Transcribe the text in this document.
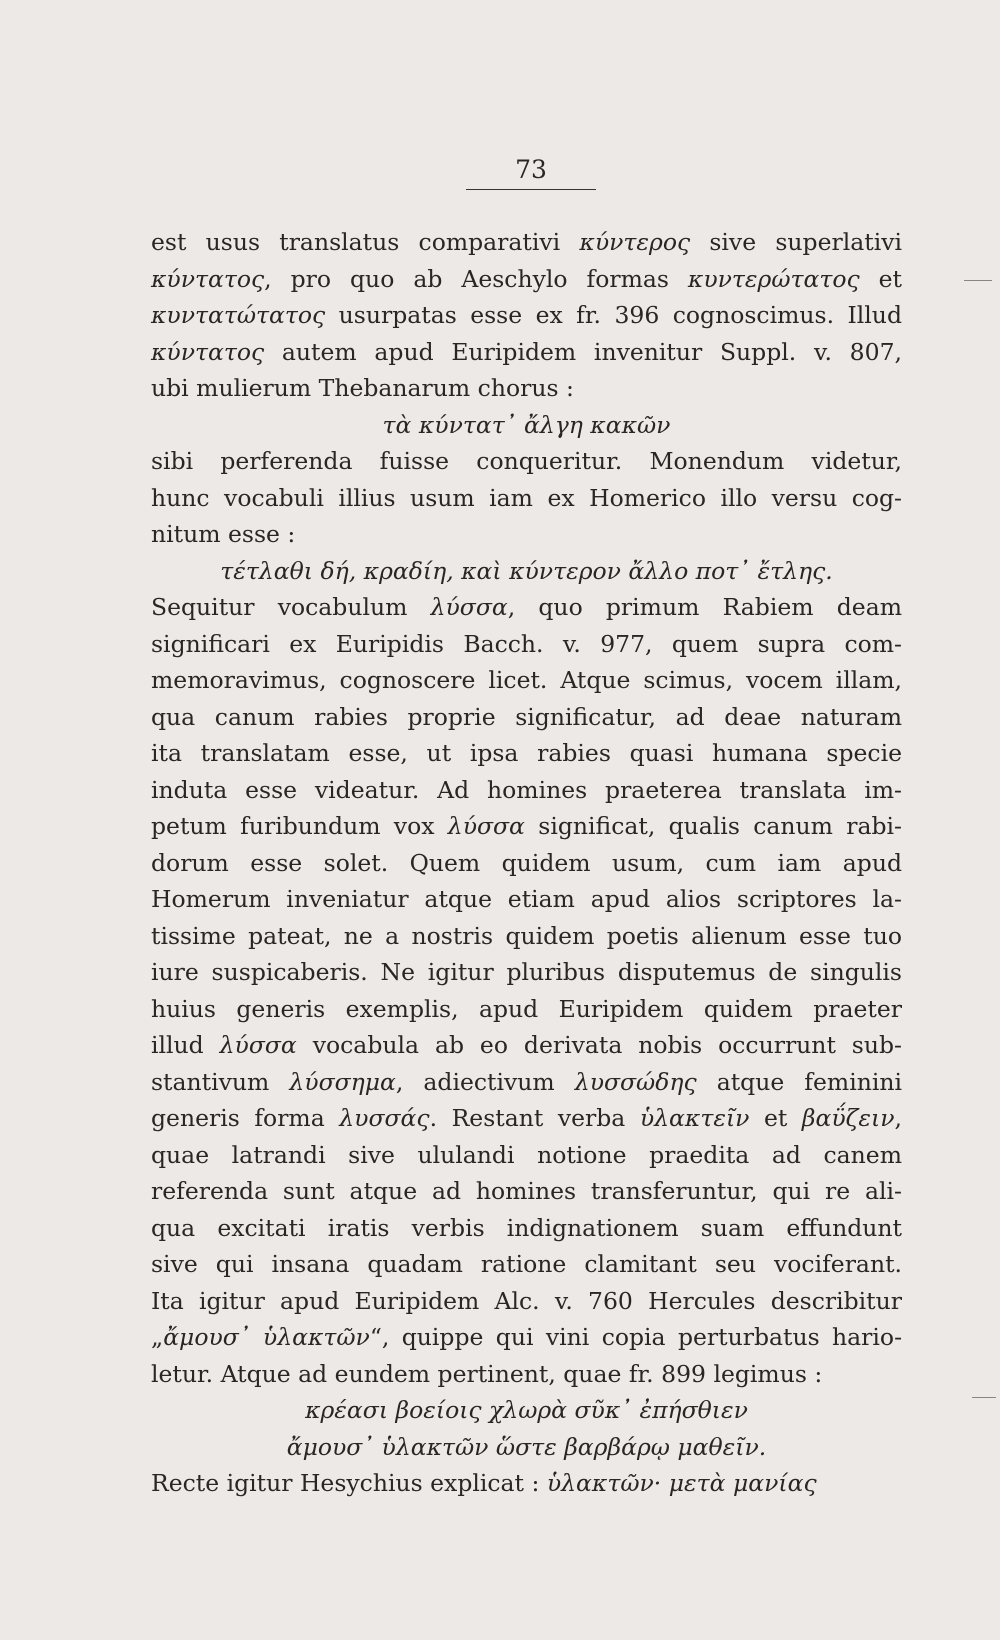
73
est usus translatus comparativi κύντερος sive superlativi
κύντατος, pro quo ab Aeschylo formas κυντερώτατος et
κυντατώτατος usurpatas esse ex fr. 396 cognoscimus. Illud
κύντατος autem apud Euripidem invenitur Suppl. v. 807,
ubi mulierum Thebanarum chorus :
τὰ κύντατ᾽ ἄλγη κακῶν
sibi perferenda fuisse conqueritur. Monendum videtur,
hunc vocabuli illius usum iam ex Homerico illo versu cog-
nitum esse :
τέτλαθι δή, κραδίη, καὶ κύντερον ἄλλο ποτ᾽ ἔτλης.
Sequitur vocabulum λύσσα, quo primum Rabiem deam
significari ex Euripidis Bacch. v. 977, quem supra com-
memoravimus, cognoscere licet. Atque scimus, vocem illam,
qua canum rabies proprie significatur, ad deae naturam
ita translatam esse, ut ipsa rabies quasi humana specie
induta esse videatur. Ad homines praeterea translata im-
petum furibundum vox λύσσα significat, qualis canum rabi-
dorum esse solet. Quem quidem usum, cum iam apud
Homerum inveniatur atque etiam apud alios scriptores la-
tissime pateat, ne a nostris quidem poetis alienum esse tuo
iure suspicaberis. Ne igitur pluribus disputemus de singulis
huius generis exemplis, apud Euripidem quidem praeter
illud λύσσα vocabula ab eo derivata nobis occurrunt sub-
stantivum λύσσημα, adiectivum λυσσώδης atque feminini
generis forma λυσσάς. Restant verba ὑλακτεῖν et βαΰζειν,
quae latrandi sive ululandi notione praedita ad canem
referenda sunt atque ad homines transferuntur, qui re ali-
qua excitati iratis verbis indignationem suam effundunt
sive qui insana quadam ratione clamitant seu vociferant.
Ita igitur apud Euripidem Alc. v. 760 Hercules describitur
„ἄμουσ᾽ ὑλακτῶν“, quippe qui vini copia perturbatus hario-
letur. Atque ad eundem pertinent, quae fr. 899 legimus :
κρέασι βοείοις χλωρὰ σῦκ᾽ ἐπήσθιεν
ἄμουσ᾽ ὑλακτῶν ὥστε βαρβάρῳ μαθεῖν.
Recte igitur Hesychius explicat : ὑλακτῶν· μετὰ μανίας
